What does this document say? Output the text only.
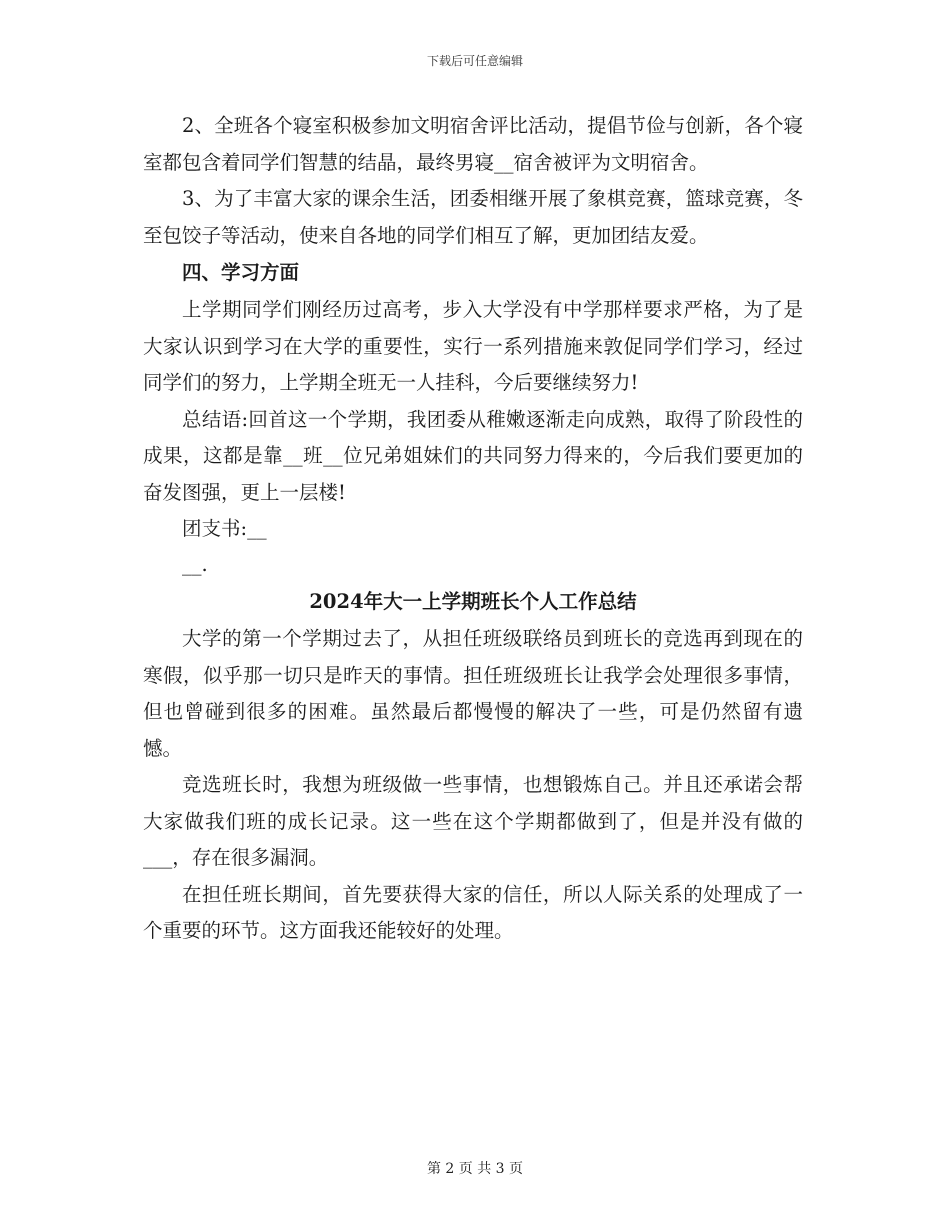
下载后可任意编辑

2、全班各个寝室积极参加文明宿舍评比活动，提倡节俭与创新，各个寝室都包含着同学们智慧的结晶，最终男寝__宿舍被评为文明宿舍。

3、为了丰富大家的课余生活，团委相继开展了象棋竞赛，篮球竞赛，冬至包饺子等活动，使来自各地的同学们相互了解，更加团结友爱。

四、学习方面

上学期同学们刚经历过高考，步入大学没有中学那样要求严格，为了是大家认识到学习在大学的重要性，实行一系列措施来敦促同学们学习，经过同学们的努力，上学期全班无一人挂科，今后要继续努力!

总结语:回首这一个学期，我团委从稚嫩逐渐走向成熟，取得了阶段性的成果，这都是靠__班__位兄弟姐妹们的共同努力得来的，今后我们要更加的奋发图强，更上一层楼!

团支书:__

__.

2024年大一上学期班长个人工作总结

大学的第一个学期过去了，从担任班级联络员到班长的竞选再到现在的寒假，似乎那一切只是昨天的事情。担任班级班长让我学会处理很多事情，但也曾碰到很多的困难。虽然最后都慢慢的解决了一些，可是仍然留有遗憾。

竞选班长时，我想为班级做一些事情，也想锻炼自己。并且还承诺会帮大家做我们班的成长记录。这一些在这个学期都做到了，但是并没有做的___，存在很多漏洞。

在担任班长期间，首先要获得大家的信任，所以人际关系的处理成了一个重要的环节。这方面我还能较好的处理。

第 2 页 共 3 页
